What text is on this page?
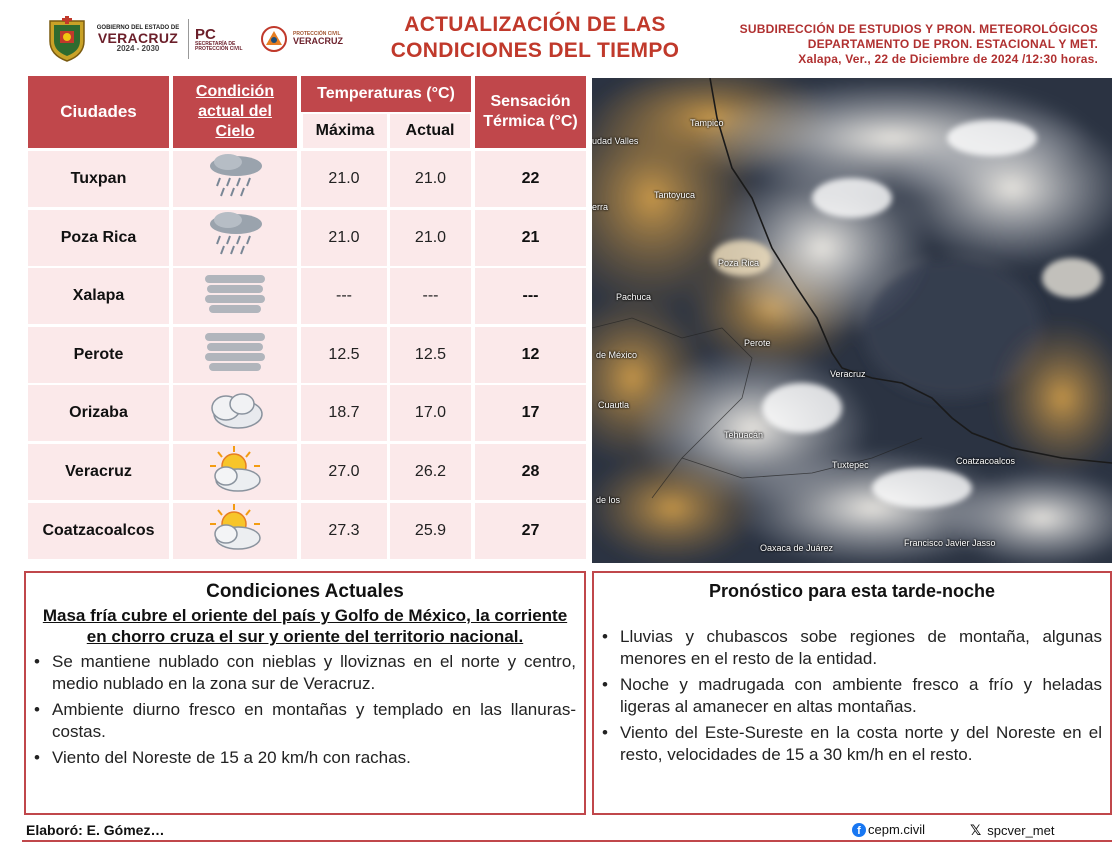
GOBIERNO DEL ESTADO DE
VERACRUZ
2024 - 2030
PC
SECRETARÍA DE PROTECCIÓN CIVIL
PROTECCIÓN CIVIL
VERACRUZ
ACTUALIZACIÓN DE LAS
CONDICIONES DEL TIEMPO
SUBDIRECCIÓN DE ESTUDIOS Y PRON. METEOROLÓGICOS
DEPARTAMENTO DE PRON. ESTACIONAL Y MET.
Xalapa, Ver., 22 de Diciembre de 2024 /12:30 horas.
Ciudades
Condición actual del Cielo
Temperaturas (°C)
Máxima	Actual
Sensación Térmica (°C)
Tuxpan	21.0	21.0	22
Poza Rica	21.0	21.0	21
Xalapa	---	---	---
Perote	12.5	12.5	12
Orizaba	18.7	17.0	17
Veracruz	27.0	26.2	28
Coatzacoalcos	27.3	25.9	27
Tampico
udad Valles
Tantoyuca
erra
Poza Rica
Pachuca
Perote
de México
Veracruz
Cuautla
Tehuacán
Tuxtepec	Coatzacoalcos
de los
Oaxaca de Juárez	Francisco Javier Jasso
Condiciones Actuales
Masa fría cubre el oriente del país y Golfo de México, la corriente en chorro cruza el sur y oriente del territorio nacional.
• Se mantiene nublado con nieblas y lloviznas en el norte y centro, medio nublado en la zona sur de Veracruz.
• Ambiente diurno fresco en montañas y templado en las llanuras-costas.
• Viento del Noreste de 15 a 20 km/h con rachas.
Pronóstico para esta tarde-noche
• Lluvias y chubascos sobe regiones de montaña, algunas menores en el resto de la entidad.
• Noche y madrugada con ambiente fresco a frío y heladas ligeras al amanecer en altas montañas.
• Viento del Este-Sureste en la costa norte y del Noreste en el resto, velocidades de 15 a 30 km/h en el resto.
Elaboró: E. Gómez…	f cepm.civil	𝕏 spcver_met
